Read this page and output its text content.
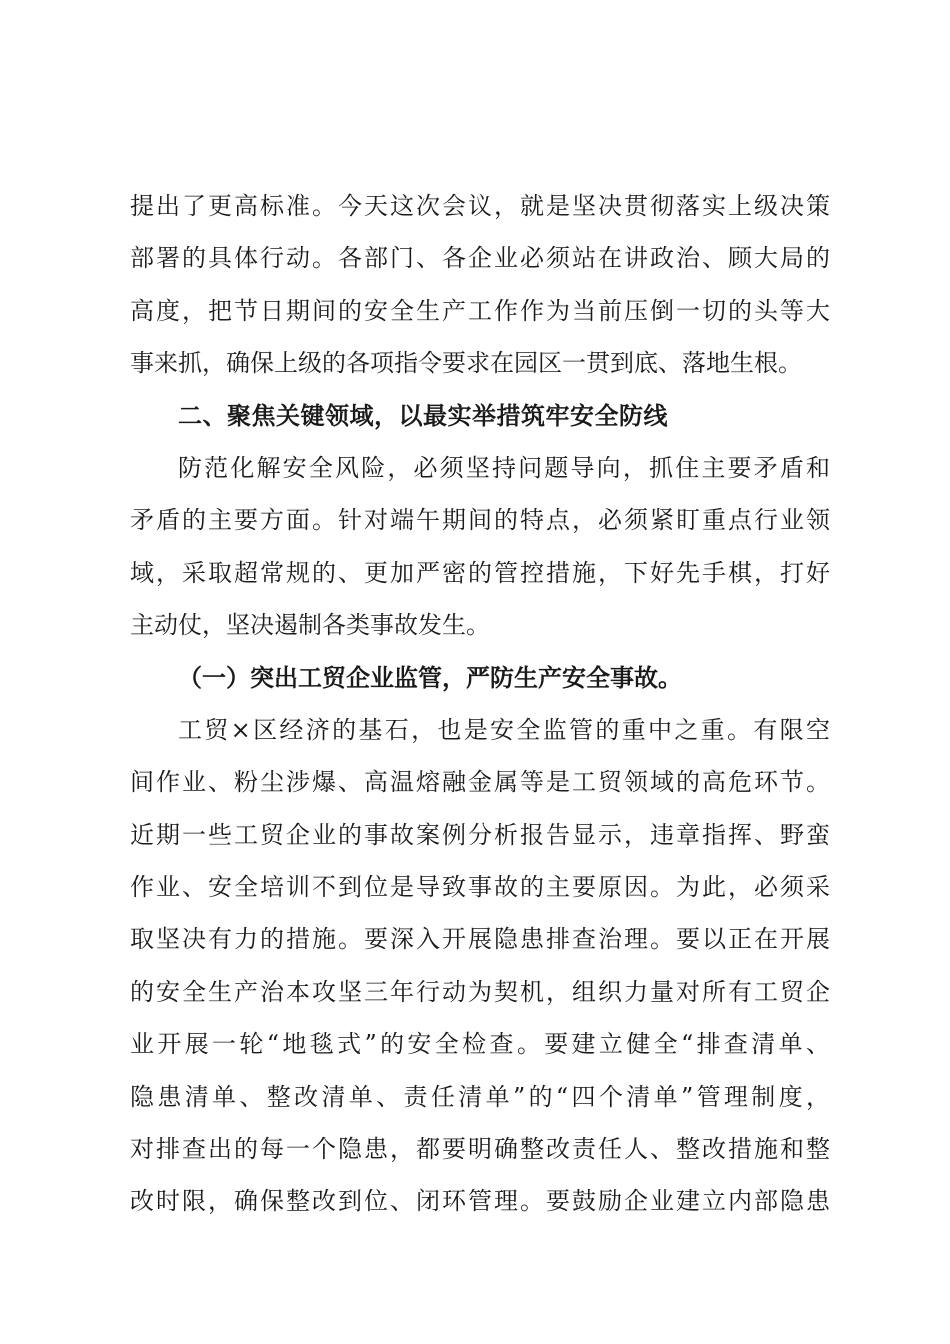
提出了更高标准。今天这次会议，就是坚决贯彻落实上级决策
部署的具体行动。各部门、各企业必须站在讲政治、顾大局的
高度，把节日期间的安全生产工作作为当前压倒一切的头等大
事来抓，确保上级的各项指令要求在园区一贯到底、落地生根。
二、聚焦关键领域，以最实举措筑牢安全防线
防范化解安全风险，必须坚持问题导向，抓住主要矛盾和
矛盾的主要方面。针对端午期间的特点，必须紧盯重点行业领
域，采取超常规的、更加严密的管控措施，下好先手棋，打好
主动仗，坚决遏制各类事故发生。
（一）突出工贸企业监管，严防生产安全事故。
工贸×区经济的基石，也是安全监管的重中之重。有限空
间作业、粉尘涉爆、高温熔融金属等是工贸领域的高危环节。
近期一些工贸企业的事故案例分析报告显示，违章指挥、野蛮
作业、安全培训不到位是导致事故的主要原因。为此，必须采
取坚决有力的措施。要深入开展隐患排查治理。要以正在开展
的安全生产治本攻坚三年行动为契机，组织力量对所有工贸企
业开展一轮“地毯式”的安全检查。要建立健全“排查清单、
隐患清单、整改清单、责任清单”的“四个清单”管理制度，
对排查出的每一个隐患，都要明确整改责任人、整改措施和整
改时限，确保整改到位、闭环管理。要鼓励企业建立内部隐患
